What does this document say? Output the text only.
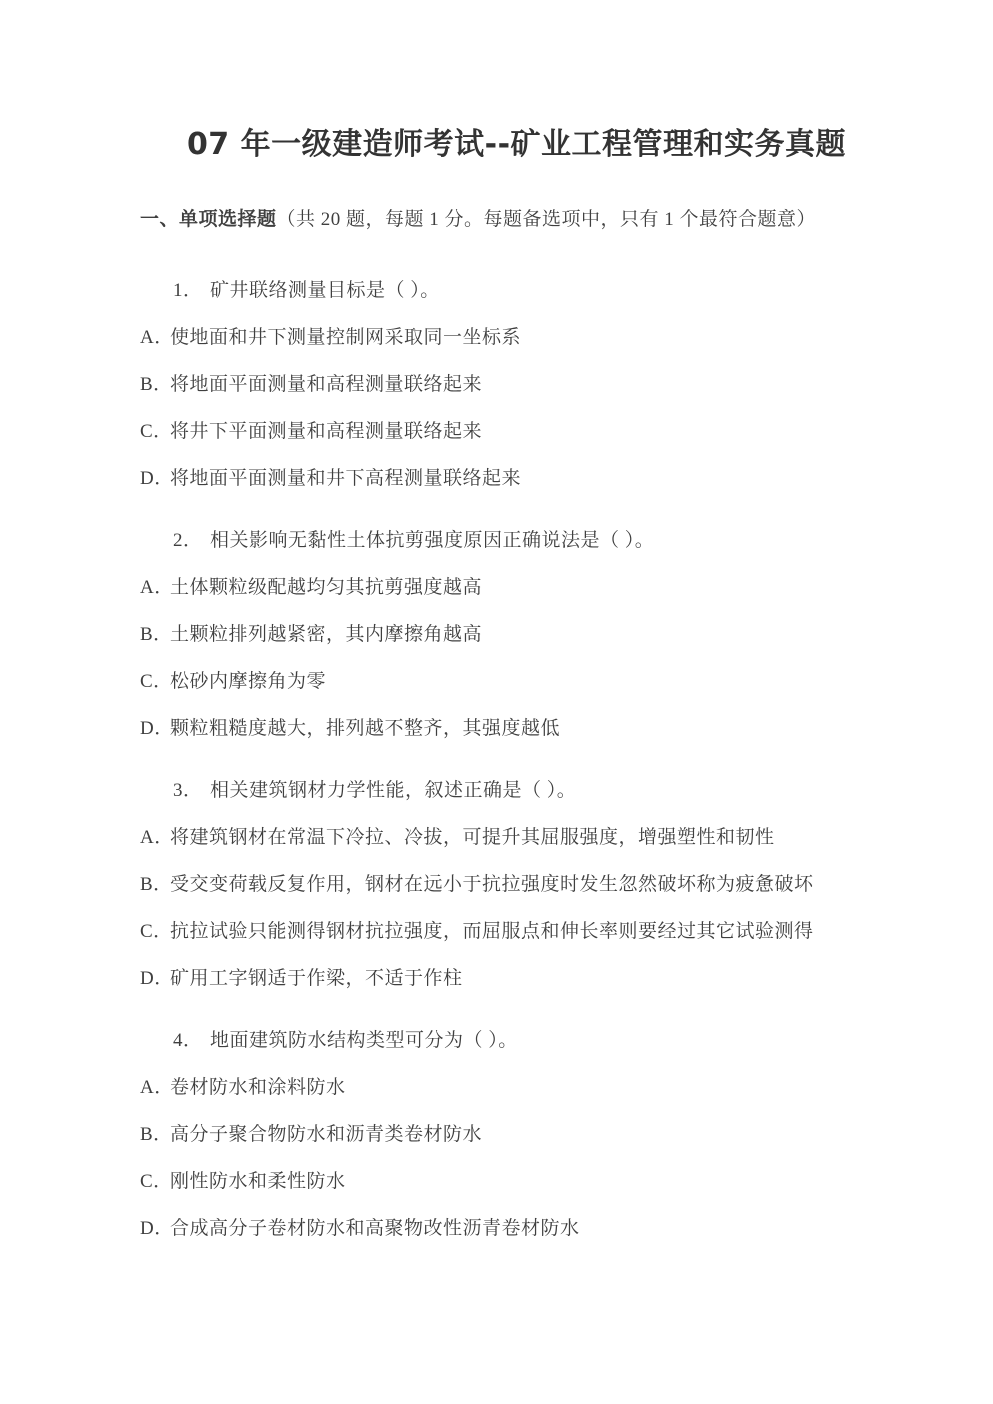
07 年一级建造师考试--矿业工程管理和实务真题

一、单项选择题（共 20 题，每题 1 分。每题备选项中，只有 1 个最符合题意）

1． 矿井联络测量目标是（ ）。

A．使地面和井下测量控制网采取同一坐标系

B．将地面平面测量和高程测量联络起来

C．将井下平面测量和高程测量联络起来

D．将地面平面测量和井下高程测量联络起来

2． 相关影响无黏性土体抗剪强度原因正确说法是（ ）。

A．土体颗粒级配越均匀其抗剪强度越高

B．土颗粒排列越紧密，其内摩擦角越高

C．松砂内摩擦角为零

D．颗粒粗糙度越大，排列越不整齐，其强度越低

3． 相关建筑钢材力学性能，叙述正确是（ ）。

A．将建筑钢材在常温下冷拉、冷拔，可提升其屈服强度，增强塑性和韧性

B．受交变荷载反复作用，钢材在远小于抗拉强度时发生忽然破坏称为疲惫破坏

C．抗拉试验只能测得钢材抗拉强度，而屈服点和伸长率则要经过其它试验测得

D．矿用工字钢适于作梁，不适于作柱

4． 地面建筑防水结构类型可分为（ ）。

A．卷材防水和涂料防水

B．高分子聚合物防水和沥青类卷材防水

C．刚性防水和柔性防水

D．合成高分子卷材防水和高聚物改性沥青卷材防水
